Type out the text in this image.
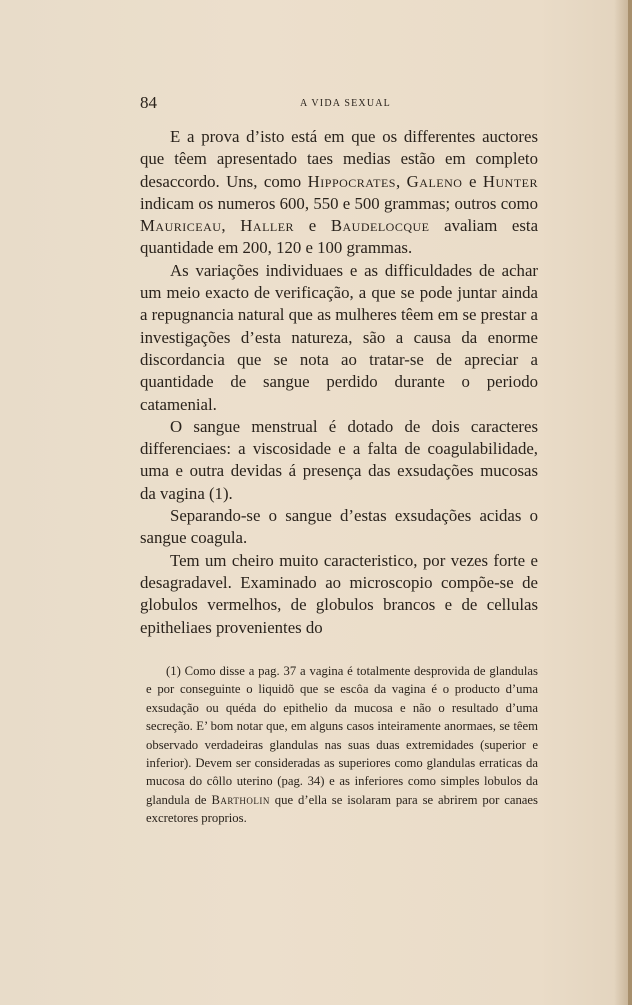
84	A VIDA SEXUAL

E a prova d’isto está em que os differentes auctores que têem apresentado taes medias estão em completo desaccordo. Uns, como Hippocrates, Galeno e Hunter indicam os numeros 600, 550 e 500 grammas; outros como Mauriceau, Haller e Baudelocque avaliam esta quantidade em 200, 120 e 100 grammas.

As variações individuaes e as difficuldades de achar um meio exacto de verificação, a que se pode juntar ainda a repugnancia natural que as mulheres têem em se prestar a investigações d’esta natureza, são a causa da enorme discordancia que se nota ao tratar-se de apreciar a quantidade de sangue perdido durante o periodo catamenial.

O sangue menstrual é dotado de dois caracteres differenciaes: a viscosidade e a falta de coagulabilidade, uma e outra devidas á presença das exsudações mucosas da vagina (1).

Separando-se o sangue d’estas exsudações acidas o sangue coagula.

Tem um cheiro muito caracteristico, por vezes forte e desagradavel. Examinado ao microscopio compõe-se de globulos vermelhos, de globulos brancos e de cellulas epitheliaes provenientes do

(1) Como disse a pag. 37 a vagina é totalmente desprovida de glandulas e por conseguinte o liquidõ que se escôa da vagina é o producto d’uma exsudação ou quéda do epithelio da mucosa e não o resultado d’uma secreção. E’ bom notar que, em alguns casos inteiramente anormaes, se têem observado verdadeiras glandulas nas suas duas extremidades (superior e inferior). Devem ser consideradas as superiores como glandulas erraticas da mucosa do côllo uterino (pag. 34) e as inferiores como simples lobulos da glandula de Bartholin que d’ella se isolaram para se abrirem por canaes excretores proprios.
